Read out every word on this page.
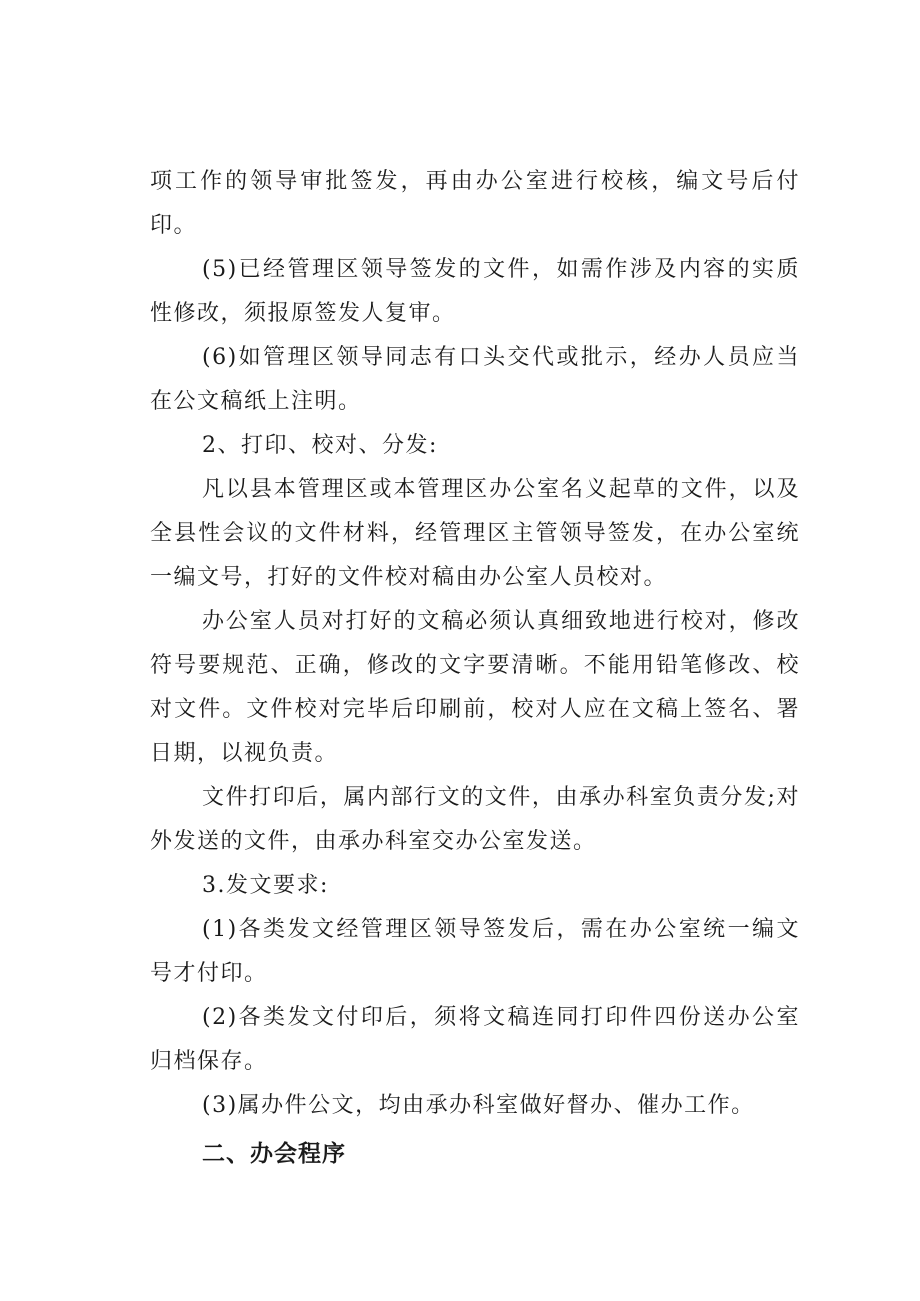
项工作的领导审批签发，再由办公室进行校核，编文号后付印。

(5)已经管理区领导签发的文件，如需作涉及内容的实质性修改，须报原签发人复审。

(6)如管理区领导同志有口头交代或批示，经办人员应当在公文稿纸上注明。

2、打印、校对、分发:

凡以县本管理区或本管理区办公室名义起草的文件，以及全县性会议的文件材料，经管理区主管领导签发，在办公室统一编文号，打好的文件校对稿由办公室人员校对。

办公室人员对打好的文稿必须认真细致地进行校对，修改符号要规范、正确，修改的文字要清晰。不能用铅笔修改、校对文件。文件校对完毕后印刷前，校对人应在文稿上签名、署日期，以视负责。

文件打印后，属内部行文的文件，由承办科室负责分发;对外发送的文件，由承办科室交办公室发送。

3.发文要求:

(1)各类发文经管理区领导签发后，需在办公室统一编文号才付印。

(2)各类发文付印后，须将文稿连同打印件四份送办公室归档保存。

(3)属办件公文，均由承办科室做好督办、催办工作。

二、办会程序
